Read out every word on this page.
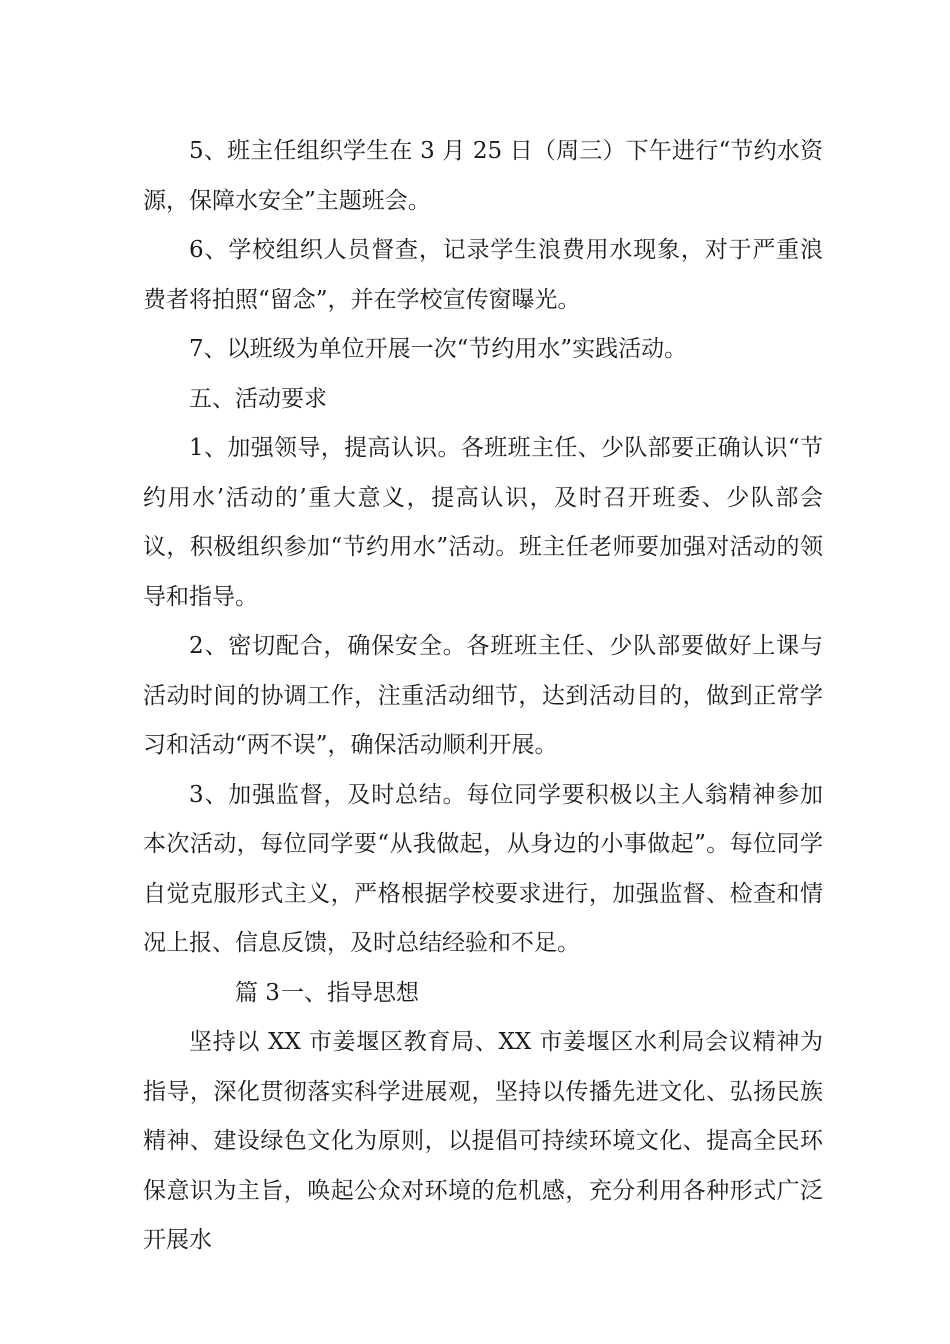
5、班主任组织学生在 3 月 25 日（周三）下午进行“节约水资源，保障水安全”主题班会。

6、学校组织人员督查，记录学生浪费用水现象，对于严重浪费者将拍照“留念”，并在学校宣传窗曝光。

7、以班级为单位开展一次“节约用水”实践活动。

五、活动要求

1、加强领导，提高认识。各班班主任、少队部要正确认识“节约用水’活动的’重大意义，提高认识，及时召开班委、少队部会议，积极组织参加“节约用水”活动。班主任老师要加强对活动的领导和指导。

2、密切配合，确保安全。各班班主任、少队部要做好上课与活动时间的协调工作，注重活动细节，达到活动目的，做到正常学习和活动“两不误”，确保活动顺利开展。

3、加强监督，及时总结。每位同学要积极以主人翁精神参加本次活动，每位同学要“从我做起，从身边的小事做起”。每位同学自觉克服形式主义，严格根据学校要求进行，加强监督、检查和情况上报、信息反馈，及时总结经验和不足。

篇 3一、指导思想

坚持以 XX 市姜堰区教育局、XX 市姜堰区水利局会议精神为指导，深化贯彻落实科学进展观，坚持以传播先进文化、弘扬民族精神、建设绿色文化为原则，以提倡可持续环境文化、提高全民环保意识为主旨，唤起公众对环境的危机感，充分利用各种形式广泛开展水
